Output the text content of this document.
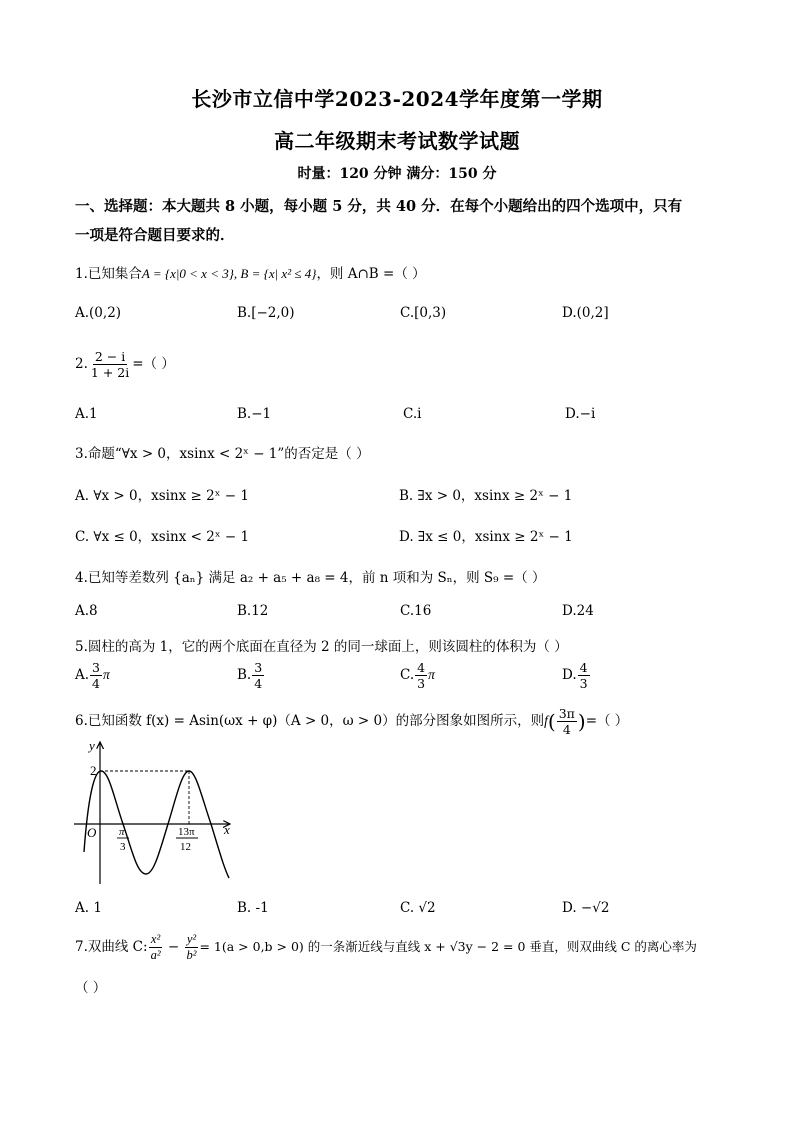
长沙市立信中学2023-2024学年度第一学期
高二年级期末考试数学试题
时量：120 分钟 满分：150 分
一、选择题：本大题共 8 小题，每小题 5 分，共 40 分．在每个小题给出的四个选项中，只有
一项是符合题目要求的．
1.已知集合A = {x|0 < x < 3}, B = {x| x² ≤ 4}，则 A∩B =（ ）
A.(0,2)	B.[−2,0)	C.[0,3)	D.(0,2]
2. $\frac{2 - i}{1 + 2i}$ =（ ）
A.1	B.−1	C.i	D.−i
3.命题“∀x > 0，xsinx < 2ˣ − 1”的否定是（ ）
A. ∀x > 0，xsinx ≥ 2ˣ − 1	B. ∃x > 0，xsinx ≥ 2ˣ − 1
C. ∀x ≤ 0，xsinx < 2ˣ − 1	D. ∃x ≤ 0，xsinx ≥ 2ˣ − 1
4.已知等差数列 {aₙ} 满足 a₂ + a₅ + a₈ = 4，前 n 项和为 Sₙ，则 S₉ =（ ）
A.8	B.12	C.16	D.24
5.圆柱的高为 1，它的两个底面在直径为 2 的同一球面上，则该圆柱的体积为（ ）
A. $\frac{3}{4}$ π	B. $\frac{3}{4}$	C. $\frac{4}{3}$ π	D. $\frac{4}{3}$
6.已知函数 f(x) = Asin(ωx + φ)（A > 0，ω > 0）的部分图象如图所示，则$f( \frac{3\pi}{4}$ )=（ ）
y
2
O	x
π
3
13π
12
A. 1	B. -1	C. √2	D. −√2
7.双曲线 C: $\frac{\text{x²}}{\text{a²}} - \frac{\text{y²}}{\text{b²}} = 1(a > 0,b > 0)$ 的一条渐近线与直线 x + √3y − 2 = 0 垂直，则双曲线 C 的离心率为
（ ）
